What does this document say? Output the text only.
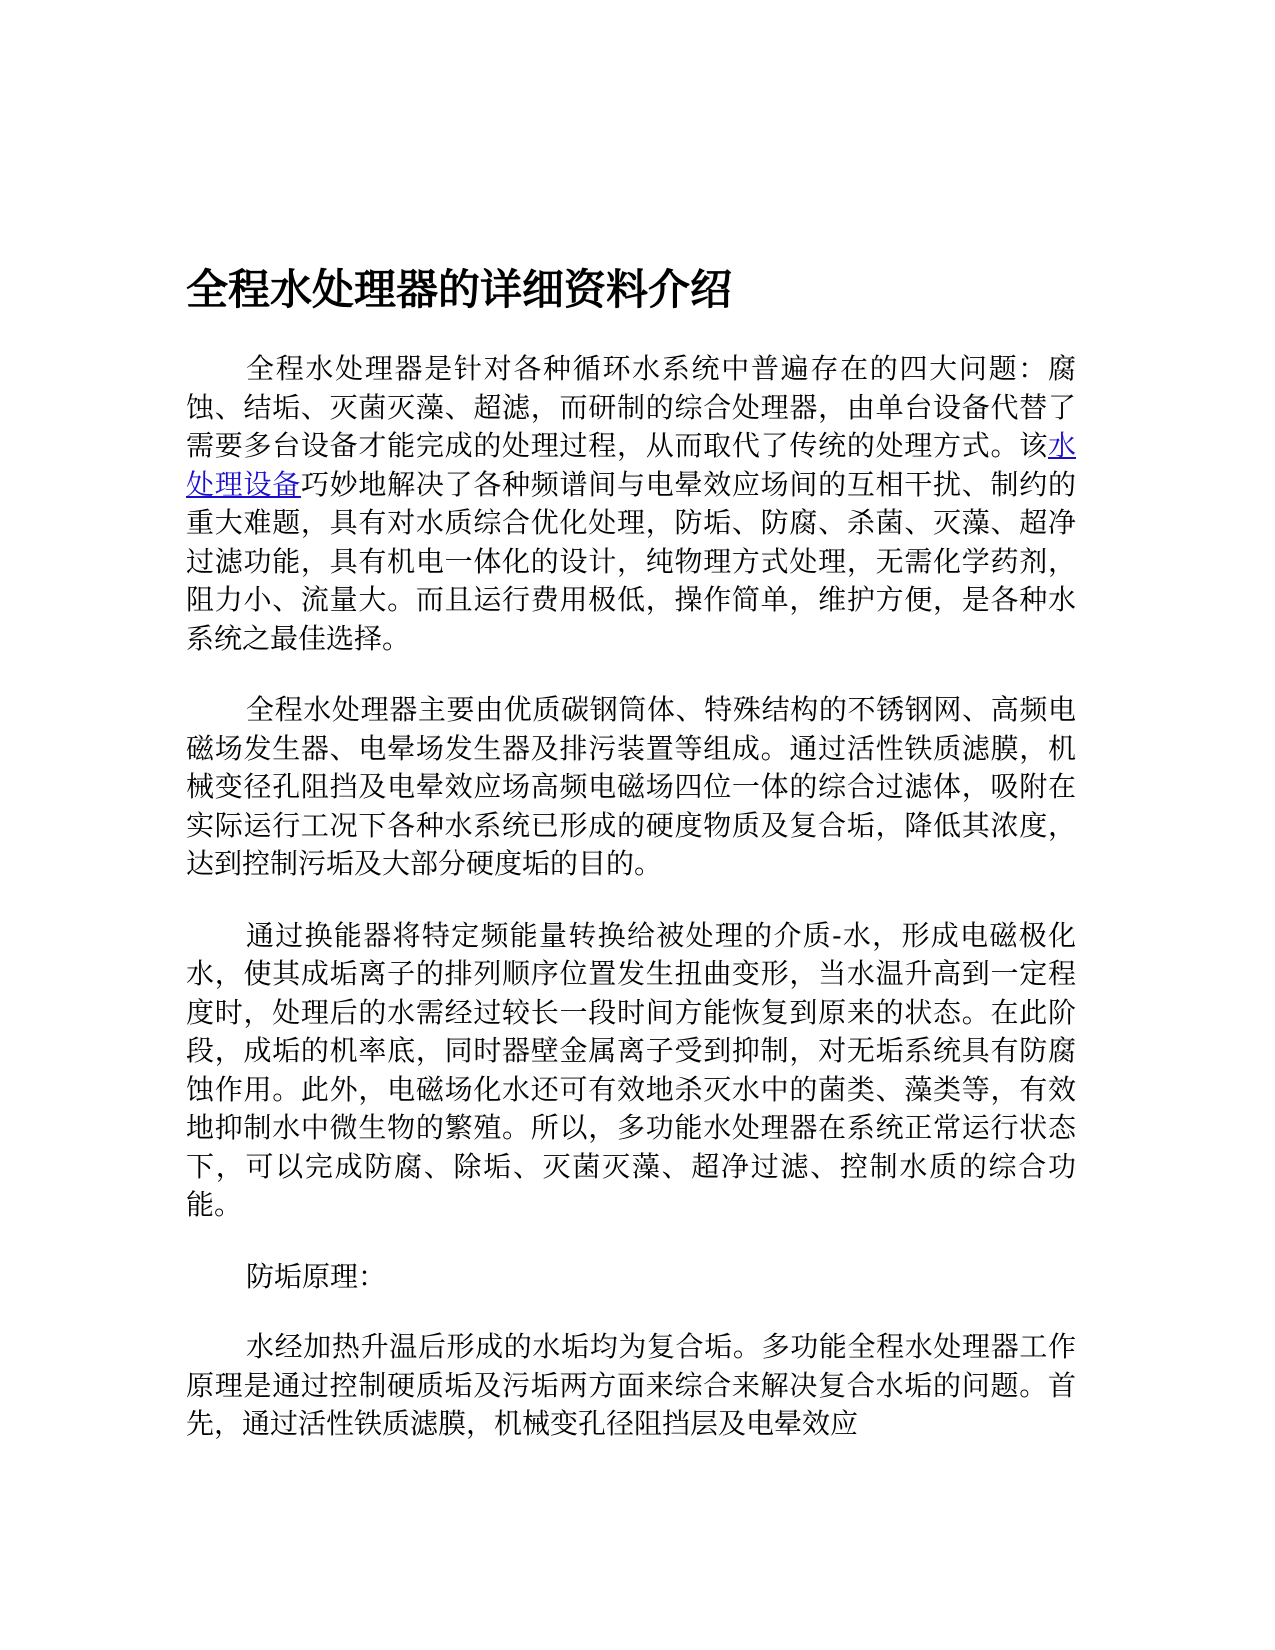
全程水处理器的详细资料介绍

全程水处理器是针对各种循环水系统中普遍存在的四大问题：腐蚀、结垢、灭菌灭藻、超滤，而研制的综合处理器，由单台设备代替了需要多台设备才能完成的处理过程，从而取代了传统的处理方式。该水处理设备巧妙地解决了各种频谱间与电晕效应场间的互相干扰、制约的重大难题，具有对水质综合优化处理，防垢、防腐、杀菌、灭藻、超净过滤功能，具有机电一体化的设计，纯物理方式处理，无需化学药剂，阻力小、流量大。而且运行费用极低，操作简单，维护方便，是各种水系统之最佳选择。

全程水处理器主要由优质碳钢筒体、特殊结构的不锈钢网、高频电磁场发生器、电晕场发生器及排污装置等组成。通过活性铁质滤膜，机械变径孔阻挡及电晕效应场高频电磁场四位一体的综合过滤体，吸附在实际运行工况下各种水系统已形成的硬度物质及复合垢，降低其浓度，达到控制污垢及大部分硬度垢的目的。

通过换能器将特定频能量转换给被处理的介质-水，形成电磁极化水，使其成垢离子的排列顺序位置发生扭曲变形，当水温升高到一定程度时，处理后的水需经过较长一段时间方能恢复到原来的状态。在此阶段，成垢的机率底，同时器壁金属离子受到抑制，对无垢系统具有防腐蚀作用。此外，电磁场化水还可有效地杀灭水中的菌类、藻类等，有效地抑制水中微生物的繁殖。所以，多功能水处理器在系统正常运行状态下，可以完成防腐、除垢、灭菌灭藻、超净过滤、控制水质的综合功能。

防垢原理：

水经加热升温后形成的水垢均为复合垢。多功能全程水处理器工作原理是通过控制硬质垢及污垢两方面来综合来解决复合水垢的问题。首先，通过活性铁质滤膜，机械变孔径阻挡层及电晕效应
